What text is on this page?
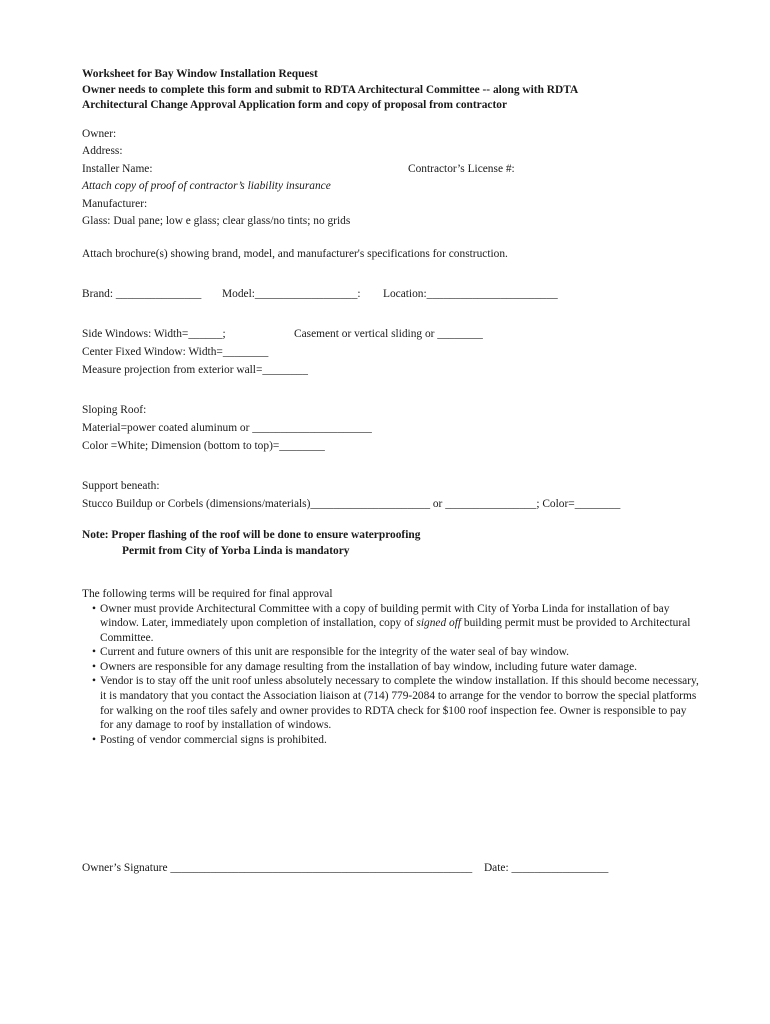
Worksheet for Bay Window Installation Request
Owner needs to complete this form and submit to RDTA Architectural Committee -- along with RDTA
Architectural Change Approval Application form and copy of proposal from contractor
Owner:
Address:
Installer Name:	Contractor’s License #:
Attach copy of proof of contractor’s liability insurance
Manufacturer:
Glass: Dual pane; low e glass; clear glass/no tints; no grids
Attach brochure(s) showing brand, model, and manufacturer's specifications for construction.
Brand: _______________ Model:__________________: Location:_______________________
Side Windows: Width=______;	Casement or vertical sliding or ________
Center Fixed Window: Width=________
Measure projection from exterior wall=________
Sloping Roof:
Material=power coated aluminum or _____________________
Color =White; Dimension (bottom to top)=________
Support beneath:
Stucco Buildup or Corbels (dimensions/materials)_____________________ or ________________; Color=________
Note: Proper flashing of the roof will be done to ensure waterproofing
Permit from City of Yorba Linda is mandatory
The following terms will be required for final approval
• Owner must provide Architectural Committee with a copy of building permit with City of Yorba Linda for installation of bay window. Later, immediately upon completion of installation, copy of signed off building permit must be provided to Architectural Committee.
• Current and future owners of this unit are responsible for the integrity of the water seal of bay window.
• Owners are responsible for any damage resulting from the installation of bay window, including future water damage.
• Vendor is to stay off the unit roof unless absolutely necessary to complete the window installation. If this should become necessary, it is mandatory that you contact the Association liaison at (714) 779-2084 to arrange for the vendor to borrow the special platforms for walking on the roof tiles safely and owner provides to RDTA check for $100 roof inspection fee. Owner is responsible to pay for any damage to roof by installation of windows.
• Posting of vendor commercial signs is prohibited.
Owner’s Signature _____________________________________________________ Date: _________________
